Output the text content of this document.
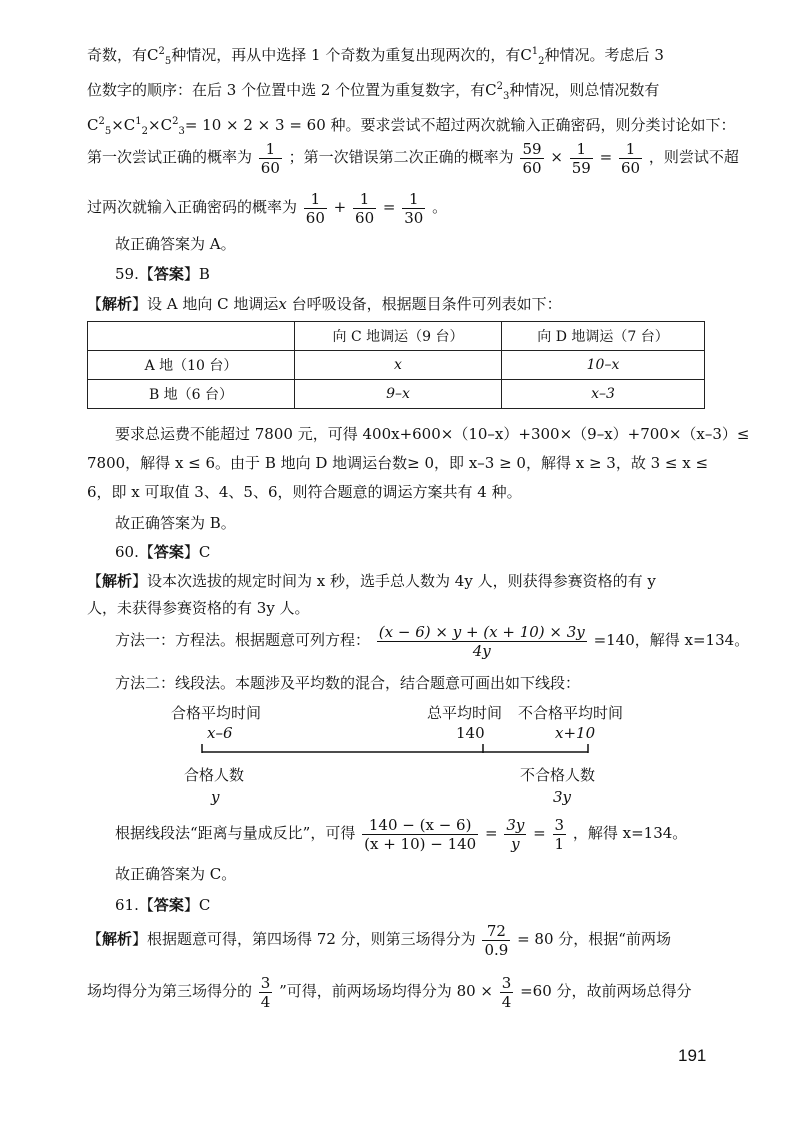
奇数，有$C^2_5$种情况，再从中选择 1 个奇数为重复出现两次的，有$C^1_2$种情况。考虑后 3
位数字的顺序：在后 3 个位置中选 2 个位置为重复数字，有$C^2_3$种情况，则总情况数有
$C^2_5\times C^1_2\times C^2_3= 10 \times 2 \times 3 = 60$ 种。要求尝试不超过两次就输入正确密码，则分类讨论如下：
第一次尝试正确的概率为 $\frac{1}{60}$ ；第一次错误第二次正确的概率为 $\frac{59}{60} \times \frac{1}{59} = \frac{1}{60}$ ，则尝试不超
过两次就输入正确密码的概率为 $\frac{1}{60} + \frac{1}{60} = \frac{1}{30}$ 。
故正确答案为 A。
59.【答案】B
【解析】设 A 地向 C 地调运x 台呼吸设备，根据题目条件可列表如下：
	向 C 地调运（9 台）	向 D 地调运（7 台）
A 地（10 台）	x	10–x
B 地（6 台）	9–x	x–3
要求总运费不能超过 7800 元，可得 400x+600×（10–x）+300×（9–x）+700×（x–3）≤
7800，解得 x ≤ 6。由于 B 地向 D 地调运台数≥ 0，即 x–3 ≥ 0，解得 x ≥ 3，故 3 ≤ x ≤
6，即 x 可取值 3、4、5、6，则符合题意的调运方案共有 4 种。
故正确答案为 B。
60.【答案】C
【解析】设本次选拔的规定时间为 x 秒，选手总人数为 4y 人，则获得参赛资格的有 y
人，未获得参赛资格的有 3y 人。
方法一：方程法。根据题意可列方程： $\frac{(x - 6) \times y + (x + 10) \times 3y}{4y} =140$，解得 x=134。
方法二：线段法。本题涉及平均数的混合，结合题意可画出如下线段：
合格平均时间
x–6
总平均时间
140
不合格平均时间
x+10
合格人数
y
不合格人数
3y
根据线段法“距离与量成反比”，可得 $\frac{140 - (x - 6)}{(x + 10) - 140} = \frac{3y}{y} = \frac{3}{1}$ ，解得 x=134。
故正确答案为 C。
61.【答案】C
【解析】根据题意可得，第四场得 72 分，则第三场得分为 $\frac{72}{0.9} = 80$ 分，根据“前两场
场均得分为第三场得分的 $\frac{3}{4}$ ”可得，前两场场均得分为 $80 \times \frac{3}{4} =60$ 分，故前两场总得分
191
